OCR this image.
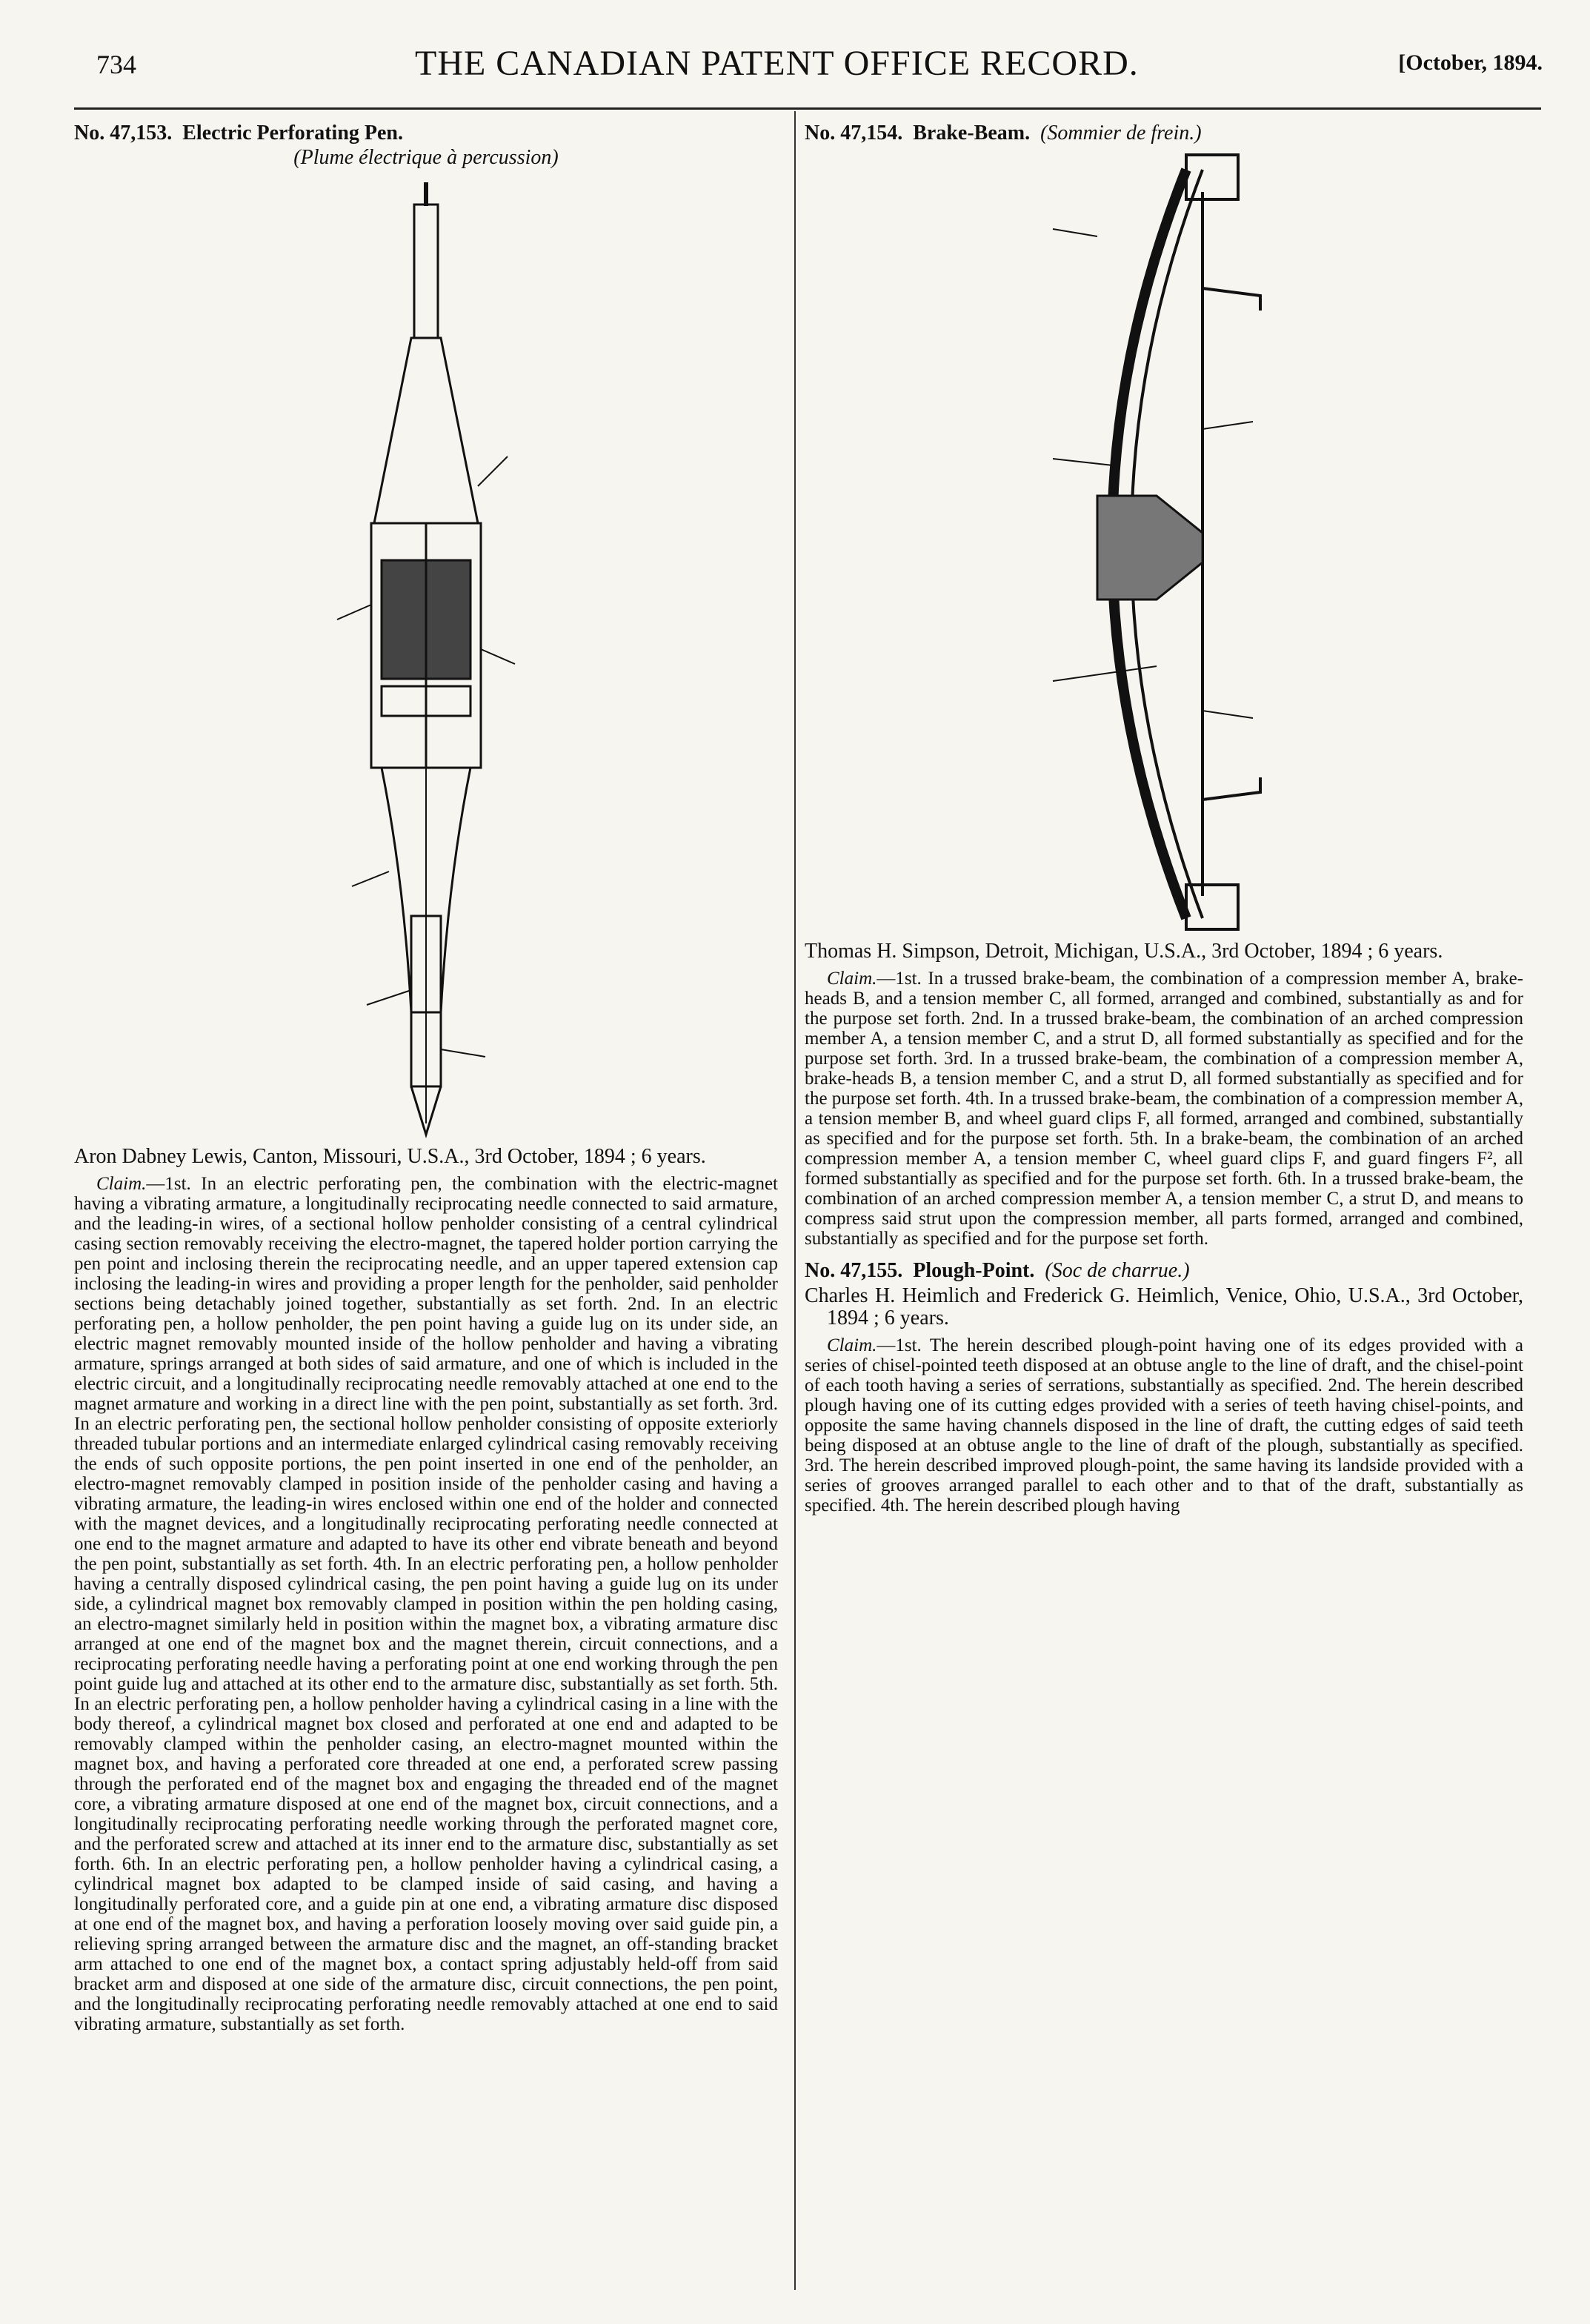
734	THE CANADIAN PATENT OFFICE RECORD.	[October, 1894.
No. 47,153. Electric Perforating Pen.
(Plume électrique à percussion)

Aron Dabney Lewis, Canton, Missouri, U.S.A., 3rd October, 1894 ; 6 years.

Claim.—1st. In an electric perforating pen, the combination with the electric-magnet having a vibrating armature, a longitudinally reciprocating needle connected to said armature, and the leading-in wires, of a sectional hollow penholder consisting of a central cylindrical casing section removably receiving the electro-magnet, the tapered holder portion carrying the pen point and inclosing therein the reciprocating needle, and an upper tapered extension cap inclosing the leading-in wires and providing a proper length for the penholder, said penholder sections being detachably joined together, substantially as set forth. 2nd. In an electric perforating pen, a hollow penholder, the pen point having a guide lug on its under side, an electric magnet removably mounted inside of the hollow penholder and having a vibrating armature, springs arranged at both sides of said armature, and one of which is included in the electric circuit, and a longitudinally reciprocating needle removably attached at one end to the magnet armature and working in a direct line with the pen point, substantially as set forth. 3rd. In an electric perforating pen, the sectional hollow penholder consisting of opposite exteriorly threaded tubular portions and an intermediate enlarged cylindrical casing removably receiving the ends of such opposite portions, the pen point inserted in one end of the penholder, an electro-magnet removably clamped in position inside of the penholder casing and having a vibrating armature, the leading-in wires enclosed within one end of the holder and connected with the magnet devices, and a longitudinally reciprocating perforating needle connected at one end to the magnet armature and adapted to have its other end vibrate beneath and beyond the pen point, substantially as set forth. 4th. In an electric perforating pen, a hollow penholder having a centrally disposed cylindrical casing, the pen point having a guide lug on its under side, a cylindrical magnet box removably clamped in position within the pen holding casing, an electro-magnet similarly held in position within the magnet box, a vibrating armature disc arranged at one end of the magnet box and the magnet therein, circuit connections, and a reciprocating perforating needle having a perforating point at one end working through the pen point guide lug and attached at its other end to the armature disc, substantially as set forth. 5th. In an electric perforating pen, a hollow penholder having a cylindrical casing in a line with the body thereof, a cylindrical magnet box closed and perforated at one end and adapted to be removably clamped within the penholder casing, an electro-magnet mounted within the magnet box, and having a perforated core threaded at one end, a perforated screw passing through the perforated end of the magnet box and engaging the threaded end of the magnet core, a vibrating armature disposed at one end of the magnet box, circuit connections, and a longitudinally reciprocating perforating needle working through the perforated magnet core, and the perforated screw and attached at its inner end to the armature disc, substantially as set forth. 6th. In an electric perforating pen, a hollow penholder having a cylindrical casing, a cylindrical magnet box adapted to be clamped inside of said casing, and having a longitudinally perforated core, and a guide pin at one end, a vibrating armature disc disposed at one end of the magnet box, and having a perforation loosely moving over said guide pin, a relieving spring arranged between the armature disc and the magnet, an off-standing bracket arm attached to one end of the magnet box, a contact spring adjustably held-off from said bracket arm and disposed at one side of the armature disc, circuit connections, the pen point, and the longitudinally reciprocating perforating needle removably attached at one end to said vibrating armature, substantially as set forth.

No. 47,154. Brake-Beam. (Sommier de frein.)

Thomas H. Simpson, Detroit, Michigan, U.S.A., 3rd October, 1894 ; 6 years.

Claim.—1st. In a trussed brake-beam, the combination of a compression member A, brake-heads B, and a tension member C, all formed, arranged and combined, substantially as and for the purpose set forth. 2nd. In a trussed brake-beam, the combination of an arched compression member A, a tension member C, and a strut D, all formed substantially as specified and for the purpose set forth. 3rd. In a trussed brake-beam, the combination of a compression member A, brake-heads B, a tension member C, and a strut D, all formed substantially as specified and for the purpose set forth. 4th. In a trussed brake-beam, the combination of a compression member A, a tension member B, and wheel guard clips F, all formed, arranged and combined, substantially as specified and for the purpose set forth. 5th. In a brake-beam, the combination of an arched compression member A, a tension member C, wheel guard clips F, and guard fingers F², all formed substantially as specified and for the purpose set forth. 6th. In a trussed brake-beam, the combination of an arched compression member A, a tension member C, a strut D, and means to compress said strut upon the compression member, all parts formed, arranged and combined, substantially as specified and for the purpose set forth.

No. 47,155. Plough-Point. (Soc de charrue.)

Charles H. Heimlich and Frederick G. Heimlich, Venice, Ohio, U.S.A., 3rd October, 1894 ; 6 years.

Claim.—1st. The herein described plough-point having one of its edges provided with a series of chisel-pointed teeth disposed at an obtuse angle to the line of draft, and the chisel-point of each tooth having a series of serrations, substantially as specified. 2nd. The herein described plough having one of its cutting edges provided with a series of teeth having chisel-points, and opposite the same having channels disposed in the line of draft, the cutting edges of said teeth being disposed at an obtuse angle to the line of draft of the plough, substantially as specified. 3rd. The herein described improved plough-point, the same having its landside provided with a series of grooves arranged parallel to each other and to that of the draft, substantially as specified. 4th. The herein described plough having
